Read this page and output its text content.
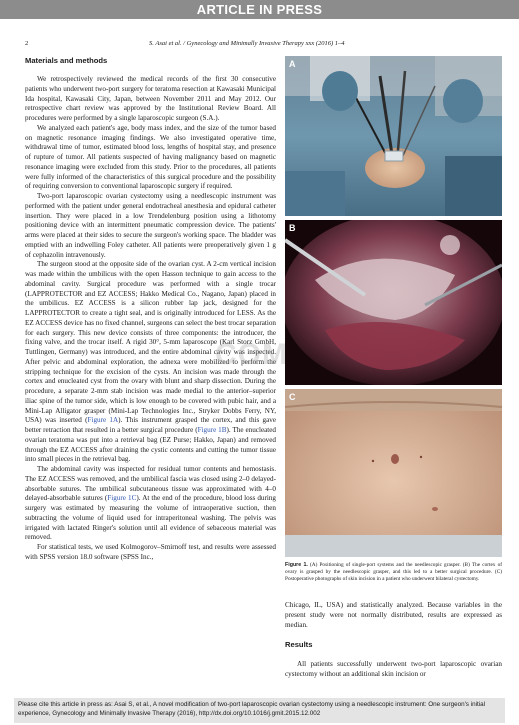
ARTICLE IN PRESS
2	S. Asai et al. / Gynecology and Minimally Invasive Therapy xxx (2016) 1–4
Materials and methods

We retrospectively reviewed the medical records of the first 30 consecutive patients who underwent two-port surgery for teratoma resection at Kawasaki Municipal Ida hospital, Kawasaki City, Japan, between November 2011 and May 2012. Our retrospective chart review was approved by the Institutional Review Board. All procedures were performed by a single laparoscopic surgeon (S.A.).

We analyzed each patient's age, body mass index, and the size of the tumor based on magnetic resonance imaging findings. We also investigated operative time, withdrawal time of tumor, estimated blood loss, lengths of hospital stay, and presence of rupture of tumor. All patients suspected of having malignancy based on magnetic resonance imaging were excluded from this study. Prior to the procedures, all patients were fully informed of the characteristics of this surgical procedure and the possibility of requiring conversion to conventional laparoscopic surgery if required.

Two-port laparoscopic ovarian cystectomy using a needlescopic instrument was performed with the patient under general endotracheal anesthesia and epidural catheter insertion. They were placed in a low Trendelenburg position using a lithotomy positioning device with an intermittent pneumatic compression device. The patients' arms were placed at their sides to secure the surgeon's working space. The bladder was emptied with an indwelling Foley catheter. All patients were preoperatively given 1 g of cephazolin intravenously.

The surgeon stood at the opposite side of the ovarian cyst. A 2-cm vertical incision was made within the umbilicus with the open Hasson technique to gain access to the abdominal cavity. Surgical procedure was performed with a single trocar (LAPPROTECTOR and EZ ACCESS; Hakko Medical Co., Nagano, Japan) placed in the umbilicus. EZ ACCESS is a silicon rubber lap jack, designed for the LAPPROTECTOR to create a tight seal, and is originally introduced for LESS. As the EZ ACCESS device has no fixed channel, surgeons can select the best trocar separation for each surgery. This new device consists of three components: the introducer, the fixing valve, and the trocar itself. A rigid 30°, 5-mm laparoscope (Karl Storz GmbH, Tuttlingen, Germany) was introduced, and the entire abdominal cavity was inspected. After pelvic and abdominal exploration, the adnexa were mobilized to perform the stripping technique for the excision of the cysts. An incision was made through the cortex and enucleated cyst from the ovary with blunt and sharp dissection. During the procedure, a separate 2-mm stab incision was made medial to the anterior–superior iliac spine of the tumor side, which is low enough to be covered with pubic hair, and a Mini-Lap Alligator grasper (Mini-Lap Technologies Inc., Stryker Dobbs Ferry, NY, USA) was inserted (Figure 1A). This instrument grasped the cortex, and this gave better retraction that resulted in a better surgical procedure (Figure 1B). The enucleated ovarian teratoma was put into a retrieval bag (EZ Purse; Hakko, Japan) and removed through the EZ ACCESS after draining the cystic contents and cutting the tumor tissue into small pieces in the retrieval bag.

The abdominal cavity was inspected for residual tumor contents and hemostasis. The EZ ACCESS was removed, and the umbilical fascia was closed using 2–0 delayed-absorbable sutures. The umbilical subcutaneous tissue was approximated with 4–0 delayed-absorbable sutures (Figure 1C). At the end of the procedure, blood loss during surgery was estimated by measuring the volume of intraoperative suction, then subtracting the volume of liquid used for intraperitoneal washing. The pelvis was irrigated with lactated Ringer's solution until all evidence of sebaceous material was removed.

For statistical tests, we used Kolmogorov–Smirnoff test, and results were assessed with SPSS version 18.0 software (SPSS Inc.,

A
B
C
COM
Figure 1. (A) Positioning of single-port systems and the needlescopic grasper. (B) The cortex of ovary is grasped by the needlescopic grasper, and this led to a better surgical procedure. (C) Postoperative photographs of skin incision in a patient who underwent bilateral cystectomy.

Chicago, IL, USA) and statistically analyzed. Because variables in the present study were not normally distributed, results are expressed as median.

Results

All patients successfully underwent two-port laparoscopic ovarian cystectomy without an additional skin incision or

Please cite this article in press as: Asai S, et al., A novel modification of two-port laparoscopic ovarian cystectomy using a needlescopic instrument: One surgeon's initial experience, Gynecology and Minimally Invasive Therapy (2016), http://dx.doi.org/10.1016/j.gmit.2015.12.002
